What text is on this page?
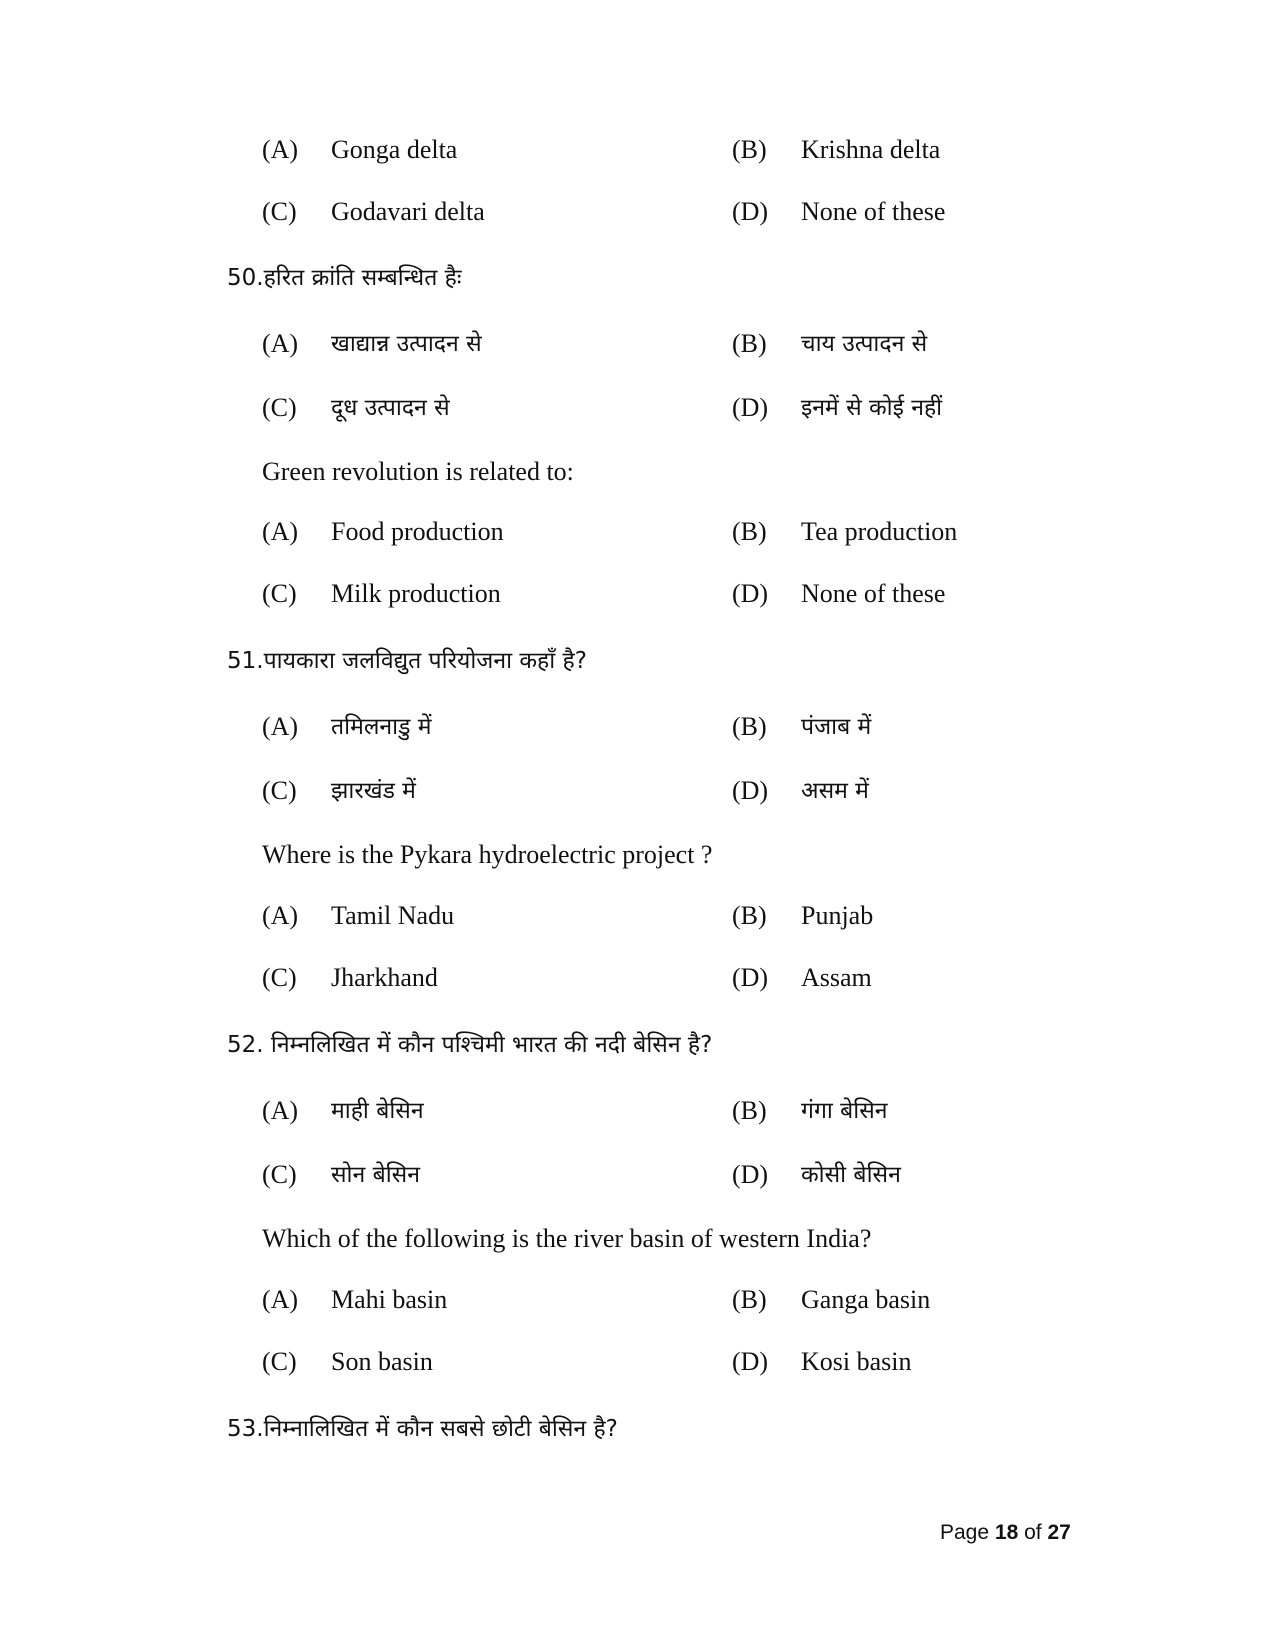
(A)	Gonga delta	(B)	Krishna delta
(C)	Godavari delta	(D)	None of these
50.हरित क्रांति सम्बन्धित हैः
(A)	खाद्यान्न उत्पादन से	(B)	चाय उत्पादन से
(C)	दूध उत्पादन से	(D)	इनमें से कोई नहीं
Green revolution is related to:
(A)	Food production	(B)	Tea production
(C)	Milk production	(D)	None of these
51.पायकारा जलविद्युत परियोजना कहाँ है?
(A)	तमिलनाडु में	(B)	पंजाब में
(C)	झारखंड में	(D)	असम में
Where is the Pykara hydroelectric project ?
(A)	Tamil Nadu	(B)	Punjab
(C)	Jharkhand	(D)	Assam
52. निम्नलिखित में कौन पश्चिमी भारत की नदी बेसिन है?
(A)	माही बेसिन	(B)	गंगा बेसिन
(C)	सोन बेसिन	(D)	कोसी बेसिन
Which of the following is the river basin of western India?
(A)	Mahi basin	(B)	Ganga basin
(C)	Son basin	(D)	Kosi basin
53.निम्नालिखित में कौन सबसे छोटी बेसिन है?
Page 18 of 27
